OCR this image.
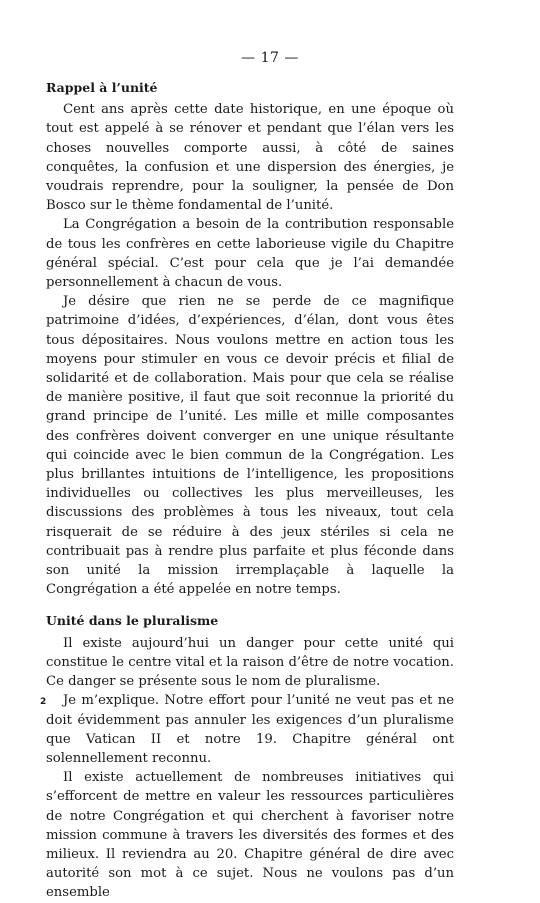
— 17 —
Rappel à l’unité

Cent ans après cette date historique, en une époque où tout est appelé à se rénover et pendant que l’élan vers les choses nouvelles comporte aussi, à côté de saines conquêtes, la confusion et une dispersion des énergies, je voudrais reprendre, pour la souligner, la pensée de Don Bosco sur le thème fondamental de l’unité.

La Congrégation a besoin de la contribution responsable de tous les confrères en cette laborieuse vigile du Chapitre général spécial. C’est pour cela que je l’ai demandée personnellement à chacun de vous.

Je désire que rien ne se perde de ce magnifique patrimoine d’idées, d’expériences, d’élan, dont vous êtes tous dépositaires. Nous voulons mettre en action tous les moyens pour stimuler en vous ce devoir précis et filial de solidarité et de collaboration. Mais pour que cela se réalise de manière positive, il faut que soit reconnue la priorité du grand principe de l’unité. Les mille et mille composantes des confrères doivent converger en une unique résultante qui coincide avec le bien commun de la Congrégation. Les plus brillantes intuitions de l’intelligence, les propositions individuelles ou collectives les plus merveilleuses, les discussions des problèmes à tous les niveaux, tout cela risquerait de se réduire à des jeux stériles si cela ne contribuait pas à rendre plus parfaite et plus féconde dans son unité la mission irremplaçable à laquelle la Congrégation a été appelée en notre temps.

Unité dans le pluralisme

Il existe aujourd’hui un danger pour cette unité qui constitue le centre vital et la raison d’être de notre vocation. Ce danger se présente sous le nom de pluralisme.

Je m’explique. Notre effort pour l’unité ne veut pas et ne doit évidemment pas annuler les exigences d’un pluralisme que Vatican II et notre 19. Chapitre général ont solennellement reconnu.

Il existe actuellement de nombreuses initiatives qui s’efforcent de mettre en valeur les ressources particulières de notre Congrégation et qui cherchent à favoriser notre mission commune à travers les diversités des formes et des milieux. Il reviendra au 20. Chapitre général de dire avec autorité son mot à ce sujet. Nous ne voulons pas d’un ensemble

2
